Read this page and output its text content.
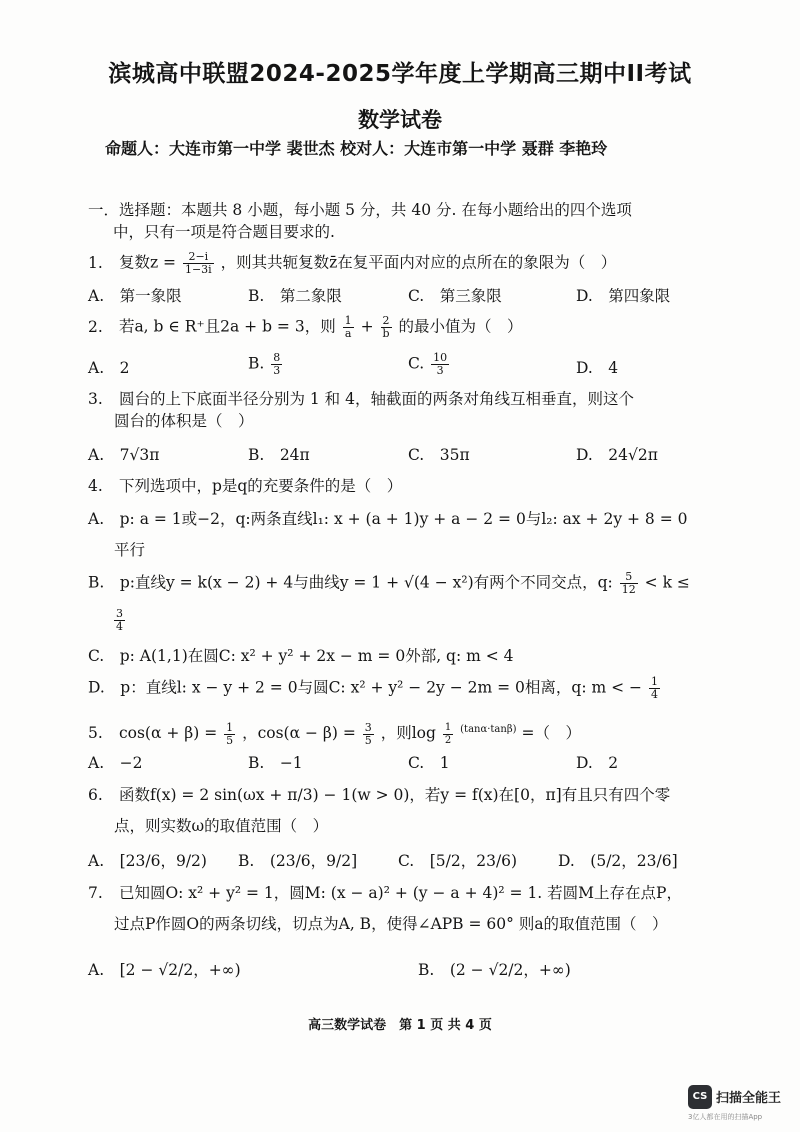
滨城高中联盟2024-2025学年度上学期高三期中II考试
数学试卷
命题人：大连市第一中学 裴世杰 校对人：大连市第一中学 聂群 李艳玲
一．选择题：本题共 8 小题，每小题 5 分，共 40 分. 在每小题给出的四个选项
中，只有一项是符合题目要求的.
1. 复数$z = \frac{2-i}{1-3i}$ ，则其共轭复数z̄在复平面内对应的点所在的象限为（　）
A.　第一象限	B.　第二象限	C.　第三象限	D.　第四象限
2. 若a, b ∈ R⁺且2a + b = 3，则 $\frac{1}{a} + \frac{2}{b}$ 的最小值为（　）
A.　2	B. $\frac{8}{3}$	C. $\frac{10}{3}$	D.　4
3. 圆台的上下底面半径分别为 1 和 4，轴截面的两条对角线互相垂直，则这个
圆台的体积是（　）
A.　7√3π	B.　24π	C.　35π	D.　24√2π
4. 下列选项中，p是q的充要条件的是（　）
A.　p: a = 1或−2，q:两条直线l₁: x + (a + 1)y + a − 2 = 0与l₂: ax + 2y + 8 = 0
平行
B.　p:直线y = k(x − 2) + 4与曲线y = 1 + √(4 − x²)有两个不同交点，q: $\frac{5}{12} < k$ ≤
$\frac{3}{4}$
C.　p: A(1,1)在圆C: x² + y² + 2x − m = 0外部, q: m < 4
D.　p：直线l: x − y + 2 = 0与圆C: x² + y² − 2y − 2m = 0相离，q: m < − $\frac{1}{4}$
5. $\cos(\alpha + \beta) = \frac{1}{5}$ ，$\cos(\alpha - \beta) = \frac{3}{5}$ ，则$\log \frac{1}{2} ^{(tan\alpha\cdot tan\beta)}$ =（　）
A.　−2	B.　−1	C.　1	D.　2
6. 函数f(x) = 2 sin(ωx + π/3) − 1(w > 0)，若y = f(x)在[0，π]有且只有四个零
点，则实数ω的取值范围（　）
A.　[23/6，9/2) B.　(23/6，9/2]	C.　[5/2，23/6)	D.　(5/2，23/6]
7. 已知圆O: x² + y² = 1，圆M: (x − a)² + (y − a + 4)² = 1. 若圆M上存在点P，
过点P作圆O的两条切线，切点为A, B，使得∠APB = 60° 则a的取值范围（　）
A.　[2 − √2/2，+∞)	B.　(2 − √2/2，+∞)
高三数学试卷　第 1 页 共 4 页
CS 扫描全能王
3亿人都在用的扫描App
